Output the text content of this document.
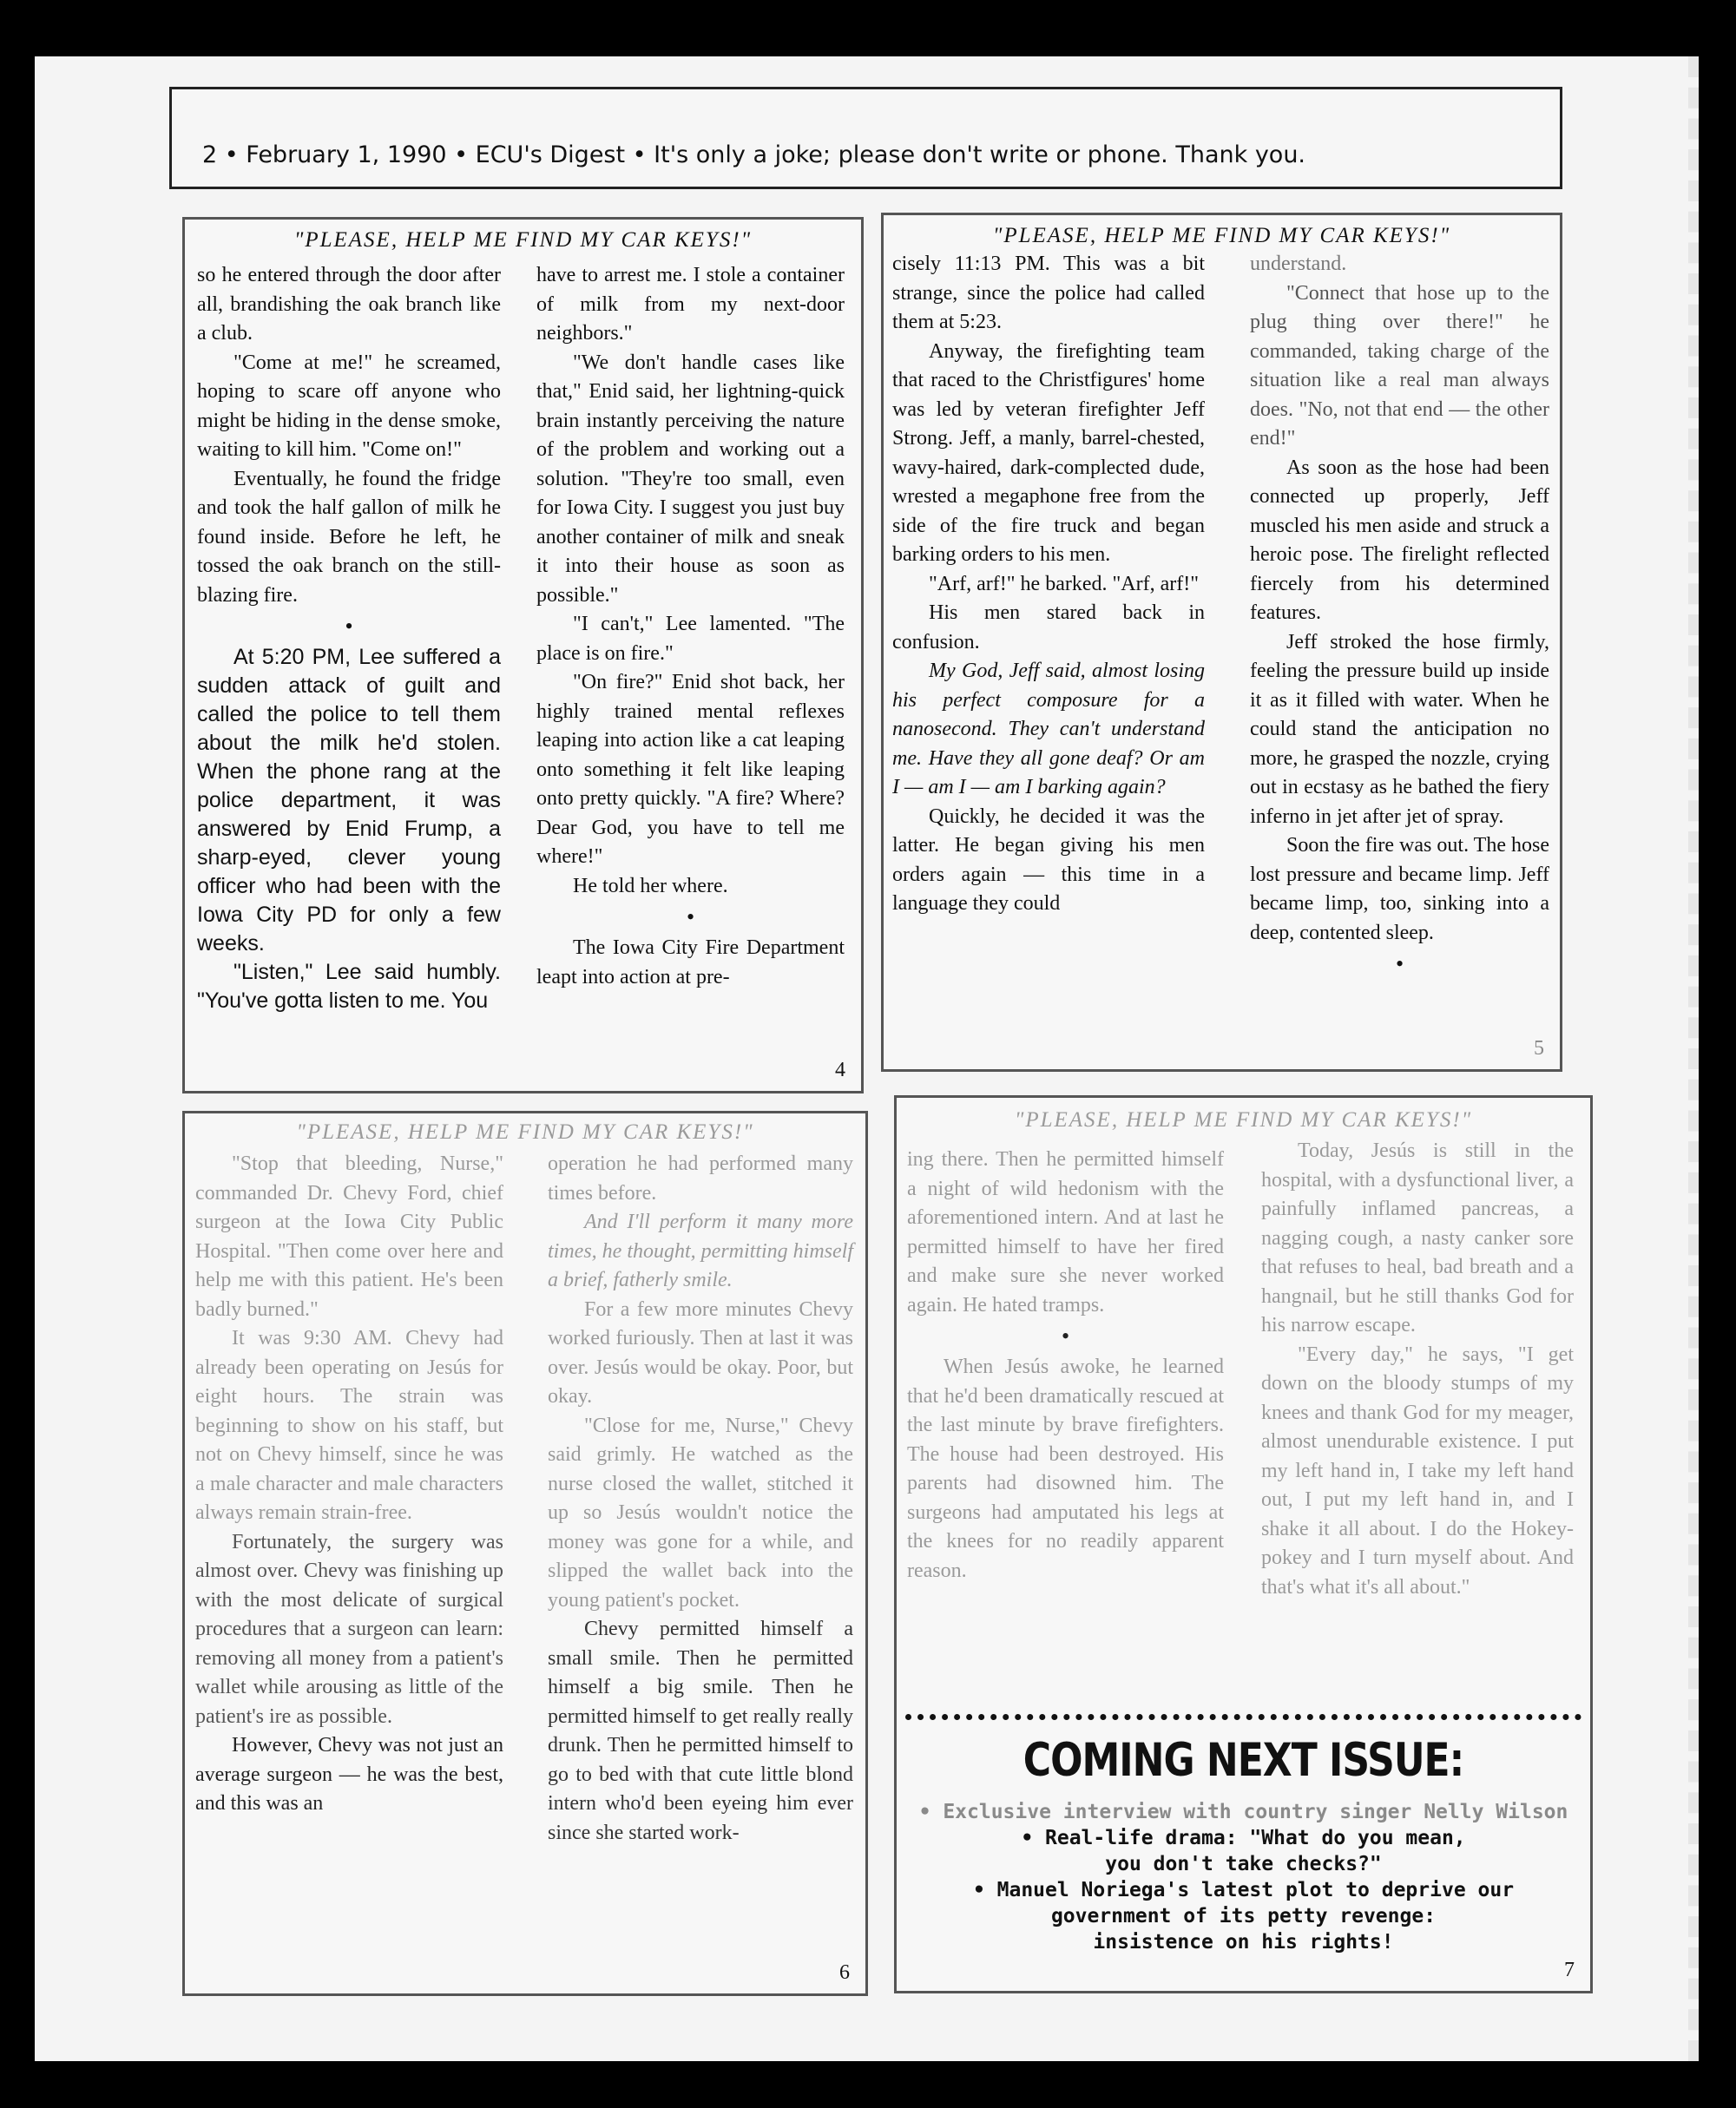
2 • February 1, 1990 • ECU's Digest • It's only a joke; please don't write or phone. Thank you.
"PLEASE, HELP ME FIND MY CAR KEYS!"

so he entered through the door after all, brandishing the oak branch like a club.

"Come at me!" he screamed, hoping to scare off anyone who might be hiding in the dense smoke, waiting to kill him. "Come on!"

Eventually, he found the fridge and took the half gallon of milk he found inside. Before he left, he tossed the oak branch on the still-blazing fire.

•

At 5:20 PM, Lee suffered a sudden attack of guilt and called the police to tell them about the milk he'd stolen. When the phone rang at the police department, it was answered by Enid Frump, a sharp-eyed, clever young officer who had been with the Iowa City PD for only a few weeks.

"Listen," Lee said humbly. "You've gotta listen to me. You

have to arrest me. I stole a container of milk from my next-door neighbors."

"We don't handle cases like that," Enid said, her lightning-quick brain instantly perceiving the nature of the problem and working out a solution. "They're too small, even for Iowa City. I suggest you just buy another container of milk and sneak it into their house as soon as possible."

"I can't," Lee lamented. "The place is on fire."

"On fire?" Enid shot back, her highly trained mental reflexes leaping into action like a cat leaping onto something it felt like leaping onto pretty quickly. "A fire? Where? Dear God, you have to tell me where!"

He told her where.

•

The Iowa City Fire Department leapt into action at pre-

4
"PLEASE, HELP ME FIND MY CAR KEYS!"

cisely 11:13 PM. This was a bit strange, since the police had called them at 5:23.

Anyway, the firefighting team that raced to the Christfigures' home was led by veteran firefighter Jeff Strong. Jeff, a manly, barrel-chested, wavy-haired, dark-complected dude, wrested a megaphone free from the side of the fire truck and began barking orders to his men.

"Arf, arf!" he barked. "Arf, arf!"

His men stared back in confusion.

My God, Jeff said, almost losing his perfect composure for a nanosecond. They can't understand me. Have they all gone deaf? Or am I — am I — am I barking again?

Quickly, he decided it was the latter. He began giving his men orders again — this time in a language they could

understand.

"Connect that hose up to the plug thing over there!" he commanded, taking charge of the situation like a real man always does. "No, not that end — the other end!"

As soon as the hose had been connected up properly, Jeff muscled his men aside and struck a heroic pose. The firelight reflected fiercely from his determined features.

Jeff stroked the hose firmly, feeling the pressure build up inside it as it filled with water. When he could stand the anticipation no more, he grasped the nozzle, crying out in ecstasy as he bathed the fiery inferno in jet after jet of spray.

Soon the fire was out. The hose lost pressure and became limp. Jeff became limp, too, sinking into a deep, contented sleep.

•

5
"PLEASE, HELP ME FIND MY CAR KEYS!"

"Stop that bleeding, Nurse," commanded Dr. Chevy Ford, chief surgeon at the Iowa City Public Hospital. "Then come over here and help me with this patient. He's been badly burned."

It was 9:30 AM. Chevy had already been operating on Jesús for eight hours. The strain was beginning to show on his staff, but not on Chevy himself, since he was a male character and male characters always remain strain-free.

Fortunately, the surgery was almost over. Chevy was finishing up with the most delicate of surgical procedures that a surgeon can learn: removing all money from a patient's wallet while arousing as little of the patient's ire as possible.

However, Chevy was not just an average surgeon — he was the best, and this was an

operation he had performed many times before.

And I'll perform it many more times, he thought, permitting himself a brief, fatherly smile.

For a few more minutes Chevy worked furiously. Then at last it was over. Jesús would be okay. Poor, but okay.

"Close for me, Nurse," Chevy said grimly. He watched as the nurse closed the wallet, stitched it up so Jesús wouldn't notice the money was gone for a while, and slipped the wallet back into the young patient's pocket.

Chevy permitted himself a small smile. Then he permitted himself a big smile. Then he permitted himself to get really really drunk. Then he permitted himself to go to bed with that cute little blond intern who'd been eyeing him ever since she started work-

6
"PLEASE, HELP ME FIND MY CAR KEYS!"

ing there. Then he permitted himself a night of wild hedonism with the aforementioned intern. And at last he permitted himself to have her fired and make sure she never worked again. He hated tramps.

•

When Jesús awoke, he learned that he'd been dramatically rescued at the last minute by brave firefighters. The house had been destroyed. His parents had disowned him. The surgeons had amputated his legs at the knees for no readily apparent reason.

Today, Jesús is still in the hospital, with a dysfunctional liver, a painfully inflamed pancreas, a nagging cough, a nasty canker sore that refuses to heal, bad breath and a hangnail, but he still thanks God for his narrow escape.

"Every day," he says, "I get down on the bloody stumps of my knees and thank God for my meager, almost unendurable existence. I put my left hand in, I take my left hand out, I put my left hand in, and I shake it all about. I do the Hokey-pokey and I turn myself about. And that's what it's all about."

COMING NEXT ISSUE:
• Exclusive interview with country singer Nelly Wilson
• Real-life drama: "What do you mean,
you don't take checks?"
• Manuel Noriega's latest plot to deprive our
government of its petty revenge:
insistence on his rights!
7
